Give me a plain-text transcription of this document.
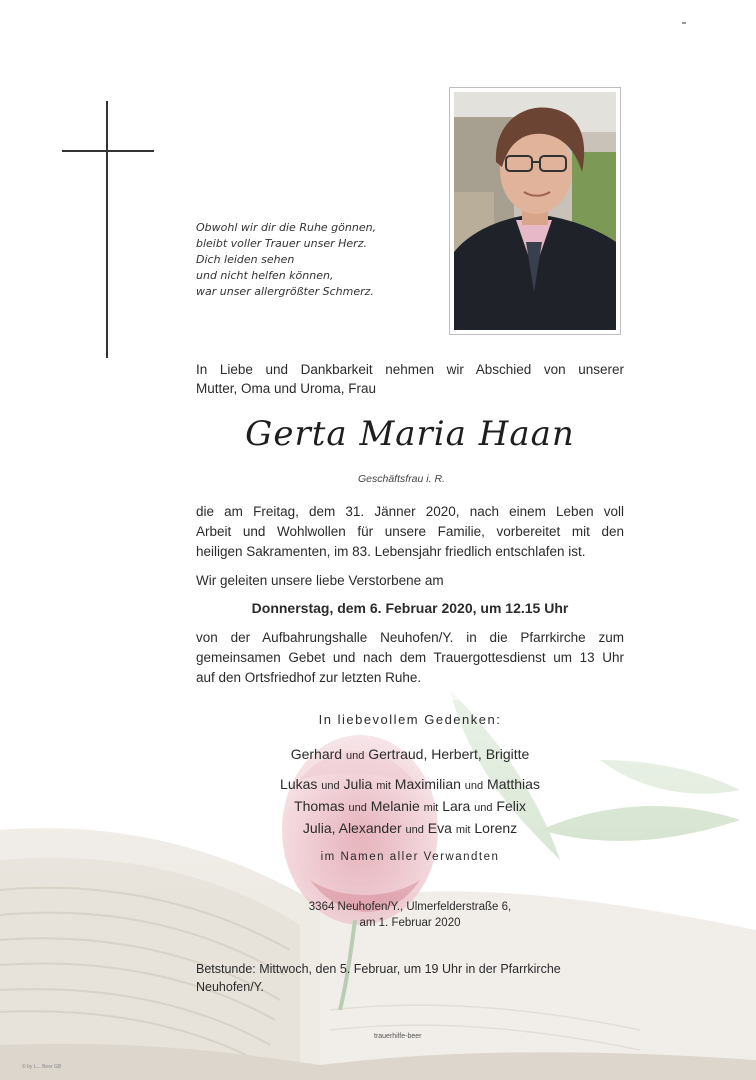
Obwohl wir dir die Ruhe gönnen,
bleibt voller Trauer unser Herz.
Dich leiden sehen
und nicht helfen können,
war unser allergrößter Schmerz.
In Liebe und Dankbarkeit nehmen wir Abschied von unserer
Mutter, Oma und Uroma, Frau
Gerta Maria Haan
Geschäftsfrau i. R.
die am Freitag, dem 31. Jänner 2020, nach einem Leben voll
Arbeit und Wohlwollen für unsere Familie, vorbereitet mit den
heiligen Sakramenten, im 83. Lebensjahr friedlich entschlafen ist.
Wir geleiten unsere liebe Verstorbene am
Donnerstag, dem 6. Februar 2020, um 12.15 Uhr
von der Aufbahrungshalle Neuhofen/Y. in die Pfarrkirche zum
gemeinsamen Gebet und nach dem Trauergottesdienst um 13 Uhr
auf den Ortsfriedhof zur letzten Ruhe.
In liebevollem Gedenken:
Gerhard und Gertraud, Herbert, Brigitte
Lukas und Julia mit Maximilian und Matthias
Thomas und Melanie mit Lara und Felix
Julia, Alexander und Eva mit Lorenz
im Namen aller Verwandten
3364 Neuhofen/Y., Ulmerfelderstraße 6,
am 1. Februar 2020
Betstunde: Mittwoch, den 5. Februar, um 19 Uhr in der Pfarrkirche
Neuhofen/Y.
trauerhilfe-beer
© by L... Beer GB
